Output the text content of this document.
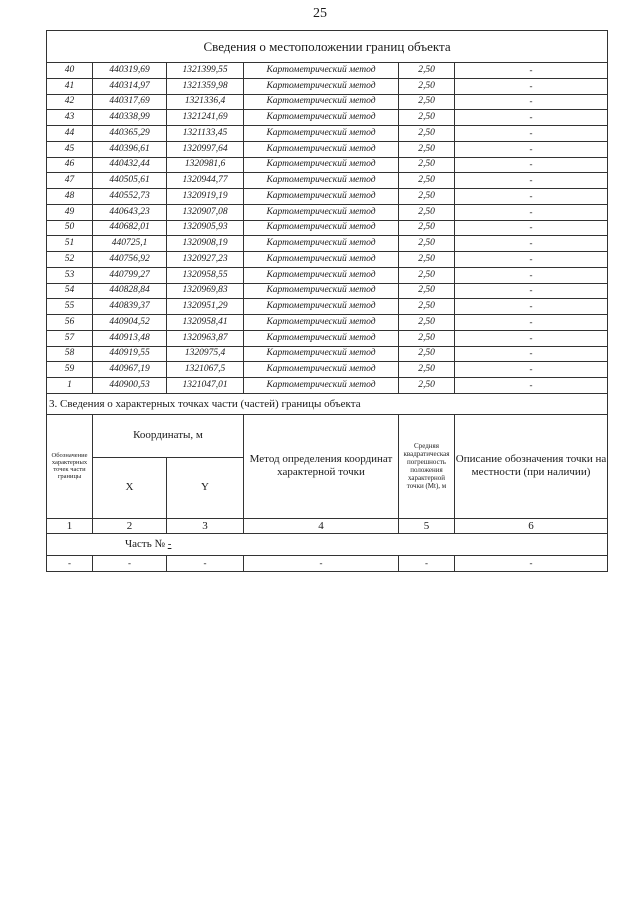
25
Сведения о местоположении границ объекта					
40	440319,69	1321399,55	Картометрический метод	2,50	-
41	440314,97	1321359,98	Картометрический метод	2,50	-
42	440317,69	1321336,4	Картометрический метод	2,50	-
43	440338,99	1321241,69	Картометрический метод	2,50	-
44	440365,29	1321133,45	Картометрический метод	2,50	-
45	440396,61	1320997,64	Картометрический метод	2,50	-
46	440432,44	1320981,6	Картометрический метод	2,50	-
47	440505,61	1320944,77	Картометрический метод	2,50	-
48	440552,73	1320919,19	Картометрический метод	2,50	-
49	440643,23	1320907,08	Картометрический метод	2,50	-
50	440682,01	1320905,93	Картометрический метод	2,50	-
51	440725,1	1320908,19	Картометрический метод	2,50	-
52	440756,92	1320927,23	Картометрический метод	2,50	-
53	440799,27	1320958,55	Картометрический метод	2,50	-
54	440828,84	1320969,83	Картометрический метод	2,50	-
55	440839,37	1320951,29	Картометрический метод	2,50	-
56	440904,52	1320958,41	Картометрический метод	2,50	-
57	440913,48	1320963,87	Картометрический метод	2,50	-
58	440919,55	1320975,4	Картометрический метод	2,50	-
59	440967,19	1321067,5	Картометрический метод	2,50	-
1	440900,53	1321047,01	Картометрический метод	2,50	-
3. Сведения о характерных точках части (частей) границы объекта					
Обозначение характерных точек части границы	Координаты, м		Метод определения координат характерной точки	Средняя квадратическая погрешность положения характерной точки (Mt), м	Описание обозначения точки на местности (при наличии)
	X	Y			
1	2	3	4	5	6
Часть № -					
-	-	-	-	-	-
